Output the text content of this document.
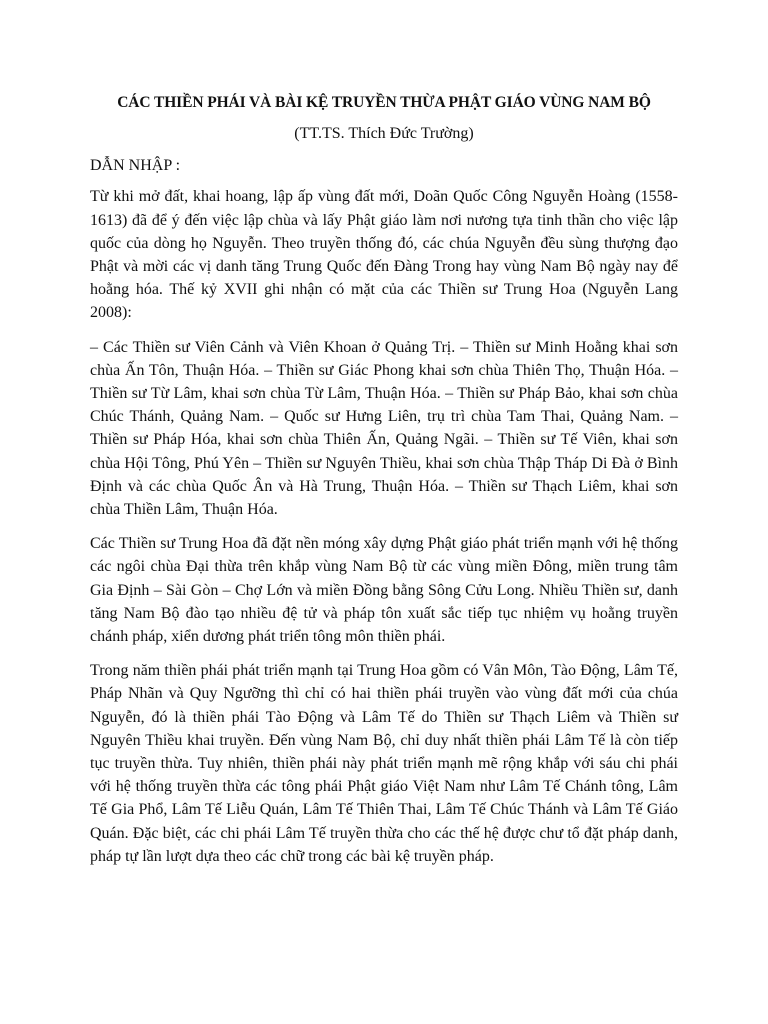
CÁC THIỀN PHÁI VÀ BÀI KỆ TRUYỀN THỪA PHẬT GIÁO VÙNG NAM BỘ
(TT.TS. Thích Đức Trường)
DẪN NHẬP :

Từ khi mở đất, khai hoang, lập ấp vùng đất mới, Doãn Quốc Công Nguyễn Hoàng (1558-1613) đã để ý đến việc lập chùa và lấy Phật giáo làm nơi nương tựa tinh thần cho việc lập quốc của dòng họ Nguyễn. Theo truyền thống đó, các chúa Nguyễn đều sùng thượng đạo Phật và mời các vị danh tăng Trung Quốc đến Đàng Trong hay vùng Nam Bộ ngày nay để hoằng hóa. Thế kỷ XVII ghi nhận có mặt của các Thiền sư Trung Hoa (Nguyễn Lang 2008):

– Các Thiền sư Viên Cảnh và Viên Khoan ở Quảng Trị. – Thiền sư Minh Hoằng khai sơn chùa Ấn Tôn, Thuận Hóa. – Thiền sư Giác Phong khai sơn chùa Thiên Thọ, Thuận Hóa. – Thiền sư Từ Lâm, khai sơn chùa Từ Lâm, Thuận Hóa. – Thiền sư Pháp Bảo, khai sơn chùa Chúc Thánh, Quảng Nam. – Quốc sư Hưng Liên, trụ trì chùa Tam Thai, Quảng Nam. – Thiền sư Pháp Hóa, khai sơn chùa Thiên Ấn, Quảng Ngãi. – Thiền sư Tế Viên, khai sơn chùa Hội Tông, Phú Yên – Thiền sư Nguyên Thiều, khai sơn chùa Thập Tháp Di Đà ở Bình Định và các chùa Quốc Ân và Hà Trung, Thuận Hóa. – Thiền sư Thạch Liêm, khai sơn chùa Thiền Lâm, Thuận Hóa.

Các Thiền sư Trung Hoa đã đặt nền móng xây dựng Phật giáo phát triển mạnh với hệ thống các ngôi chùa Đại thừa trên khắp vùng Nam Bộ từ các vùng miền Đông, miền trung tâm Gia Định – Sài Gòn – Chợ Lớn và miền Đồng bằng Sông Cửu Long. Nhiều Thiền sư, danh tăng Nam Bộ đào tạo nhiều đệ tử và pháp tôn xuất sắc tiếp tục nhiệm vụ hoằng truyền chánh pháp, xiển dương phát triển tông môn thiền phái.

Trong năm thiền phái phát triển mạnh tại Trung Hoa gồm có Vân Môn, Tào Động, Lâm Tế, Pháp Nhãn và Quy Ngưỡng thì chỉ có hai thiền phái truyền vào vùng đất mới của chúa Nguyễn, đó là thiền phái Tào Động và Lâm Tế do Thiền sư Thạch Liêm và Thiền sư Nguyên Thiều khai truyền. Đến vùng Nam Bộ, chỉ duy nhất thiền phái Lâm Tế là còn tiếp tục truyền thừa. Tuy nhiên, thiền phái này phát triển mạnh mẽ rộng khắp với sáu chi phái với hệ thống truyền thừa các tông phái Phật giáo Việt Nam như Lâm Tế Chánh tông, Lâm Tế Gia Phổ, Lâm Tế Liễu Quán, Lâm Tế Thiên Thai, Lâm Tế Chúc Thánh và Lâm Tế Giáo Quán. Đặc biệt, các chi phái Lâm Tế truyền thừa cho các thế hệ được chư tổ đặt pháp danh, pháp tự lần lượt dựa theo các chữ trong các bài kệ truyền pháp.
